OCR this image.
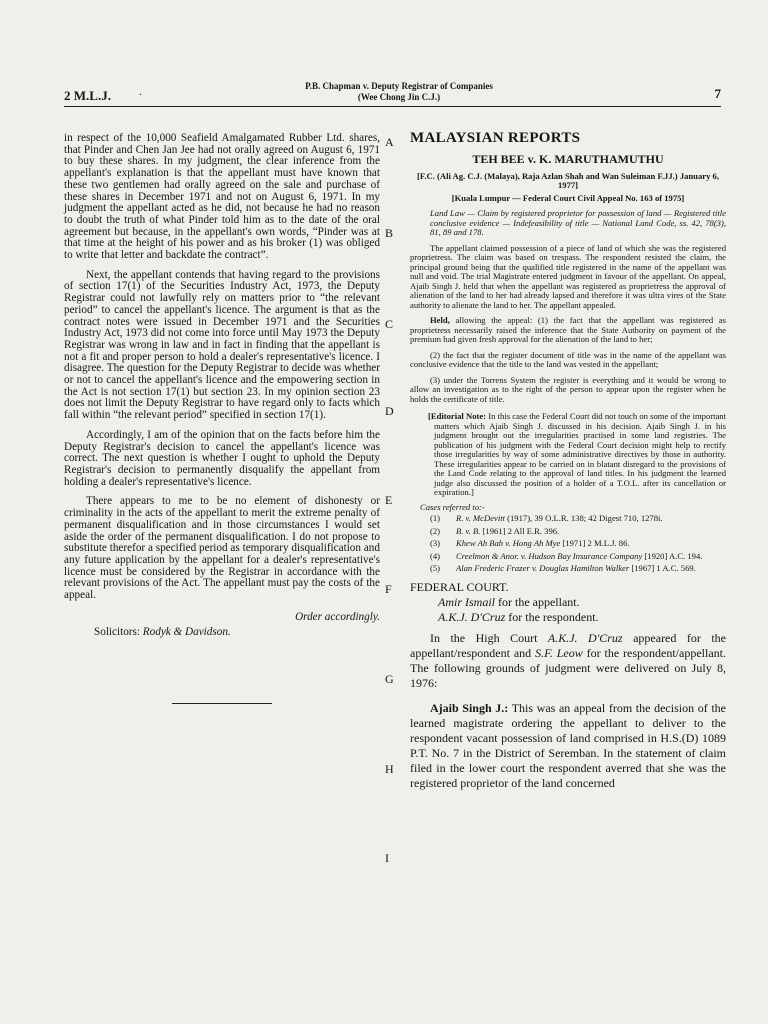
2 M.L.J.	.	P.B. Chapman v. Deputy Registrar of Companies
(Wee Chong Jin C.J.)	7

in respect of the 10,000 Seafield Amalgamated Rubber Ltd. shares, that Pinder and Chen Jan Jee had not orally agreed on August 6, 1971 to buy these shares. In my judgment, the clear inference from the appellant's explanation is that the appellant must have known that these two gentlemen had orally agreed on the sale and purchase of these shares in December 1971 and not on August 6, 1971. In my judgment the appellant acted as he did, not because he had no reason to doubt the truth of what Pinder told him as to the date of the oral agreement but because, in the appellant's own words, “Pinder was at that time at the height of his power and as his broker (1) was obliged to write that letter and backdate the contract”.

Next, the appellant contends that having regard to the provisions of section 17(1) of the Securities Industry Act, 1973, the Deputy Registrar could not lawfully rely on matters prior to “the relevant period” to cancel the appellant's licence. The argument is that as the contract notes were issued in December 1971 and the Securities Industry Act, 1973 did not come into force until May 1973 the Deputy Registrar was wrong in law and in fact in finding that the appellant is not a fit and proper person to hold a dealer's representative's licence. I disagree. The question for the Deputy Registrar to decide was whether or not to cancel the appellant's licence and the empowering section in the Act is not section 17(1) but section 23. In my opinion section 23 does not limit the Deputy Registrar to have regard only to facts which fall within “the relevant period” specified in section 17(1).

Accordingly, I am of the opinion that on the facts before him the Deputy Registrar's decision to cancel the appellant's licence was correct. The next question is whether I ought to uphold the Deputy Registrar's decision to permanently disqualify the appellant from holding a dealer's representative's licence.

There appears to me to be no element of dishonesty or criminality in the acts of the appellant to merit the extreme penalty of permanent disqualification and in those circumstances I would set aside the order of the permanent disqualification. I do not propose to substitute therefor a specified period as temporary disqualification and any future application by the appellant for a dealer's representative's licence must be considered by the Registrar in accordance with the relevant provisions of the Act. The appellant must pay the costs of the appeal.

Order accordingly.

Solicitors: Rodyk & Davidson.

A
B
C
D
E
F
G
H
I

MALAYSIAN REPORTS

TEH BEE v. K. MARUTHAMUTHU

[F.C. (Ali Ag. C.J. (Malaya), Raja Azlan Shah and Wan Suleiman F.JJ.) January 6, 1977]

[Kuala Lumpur — Federal Court Civil Appeal No. 163 of 1975]

Land Law — Claim by registered proprietor for possession of land — Registered title conclusive evidence — Indefeasibility of title — National Land Code, ss. 42, 78(3), 81, 89 and 178.

The appellant claimed possession of a piece of land of which she was the registered proprietress. The claim was based on trespass. The respondent resisted the claim, the principal ground being that the qualified title registered in the name of the appellant was null and void. The trial Magistrate entered judgment in favour of the appellant. On appeal, Ajaib Singh J. held that when the appellant was registered as proprietress the approval of alienation of the land to her had already lapsed and therefore it was ultra vires of the State authority to alienate the land to her. The appellant appealed.

Held, allowing the appeal: (1) the fact that the appellant was registered as proprietress necessarily raised the inference that the State Authority on payment of the premium had given fresh approval for the alienation of the land to her;

(2) the fact that the register document of title was in the name of the appellant was conclusive evidence that the title to the land was vested in the appellant;

(3) under the Torrens System the register is everything and it would be wrong to allow an investigation as to the right of the person to appear upon the register when he holds the certificate of title.

[Editorial Note: In this case the Federal Court did not touch on some of the important matters which Ajaib Singh J. discussed in his decision. Ajaib Singh J. in his judgment brought out the irregularities practised in some land registries. The publication of his judgment with the Federal Court decision might help to rectify those irregularities by way of some administrative directives by those in authority. These irregularities appear to be carried on in blatant disregard to the provisions of the Land Code relating to the approval of land titles. In his judgment the learned judge also discussed the position of a holder of a T.O.L. after its cancellation or expiration.]

Cases referred to:-

(1) R. v. McDevitt (1917), 39 O.L.R. 138; 42 Digest 710, 1278i.
(2) B. v. B. [1961] 2 All E.R. 396.
(3) Khew Ah Bah v. Hong Ah Mye [1971] 2 M.L.J. 86.
(4) Creelmon & Anor. v. Hudson Bay Insurance Company [1920] A.C. 194.
(5) Alan Frederic Frazer v. Douglas Hamilton Walker [1967] 1 A.C. 569.

FEDERAL COURT.

Amir Ismail for the appellant.

A.K.J. D'Cruz for the respondent.

In the High Court A.K.J. D'Cruz appeared for the appellant/respondent and S.F. Leow for the respondent/appellant. The following grounds of judgment were delivered on July 8, 1976:

Ajaib Singh J.: This was an appeal from the decision of the learned magistrate ordering the appellant to deliver to the respondent vacant possession of land comprised in H.S.(D) 1089 P.T. No. 7 in the District of Seremban. In the statement of claim filed in the lower court the respondent averred that she was the registered proprietor of the land concerned
